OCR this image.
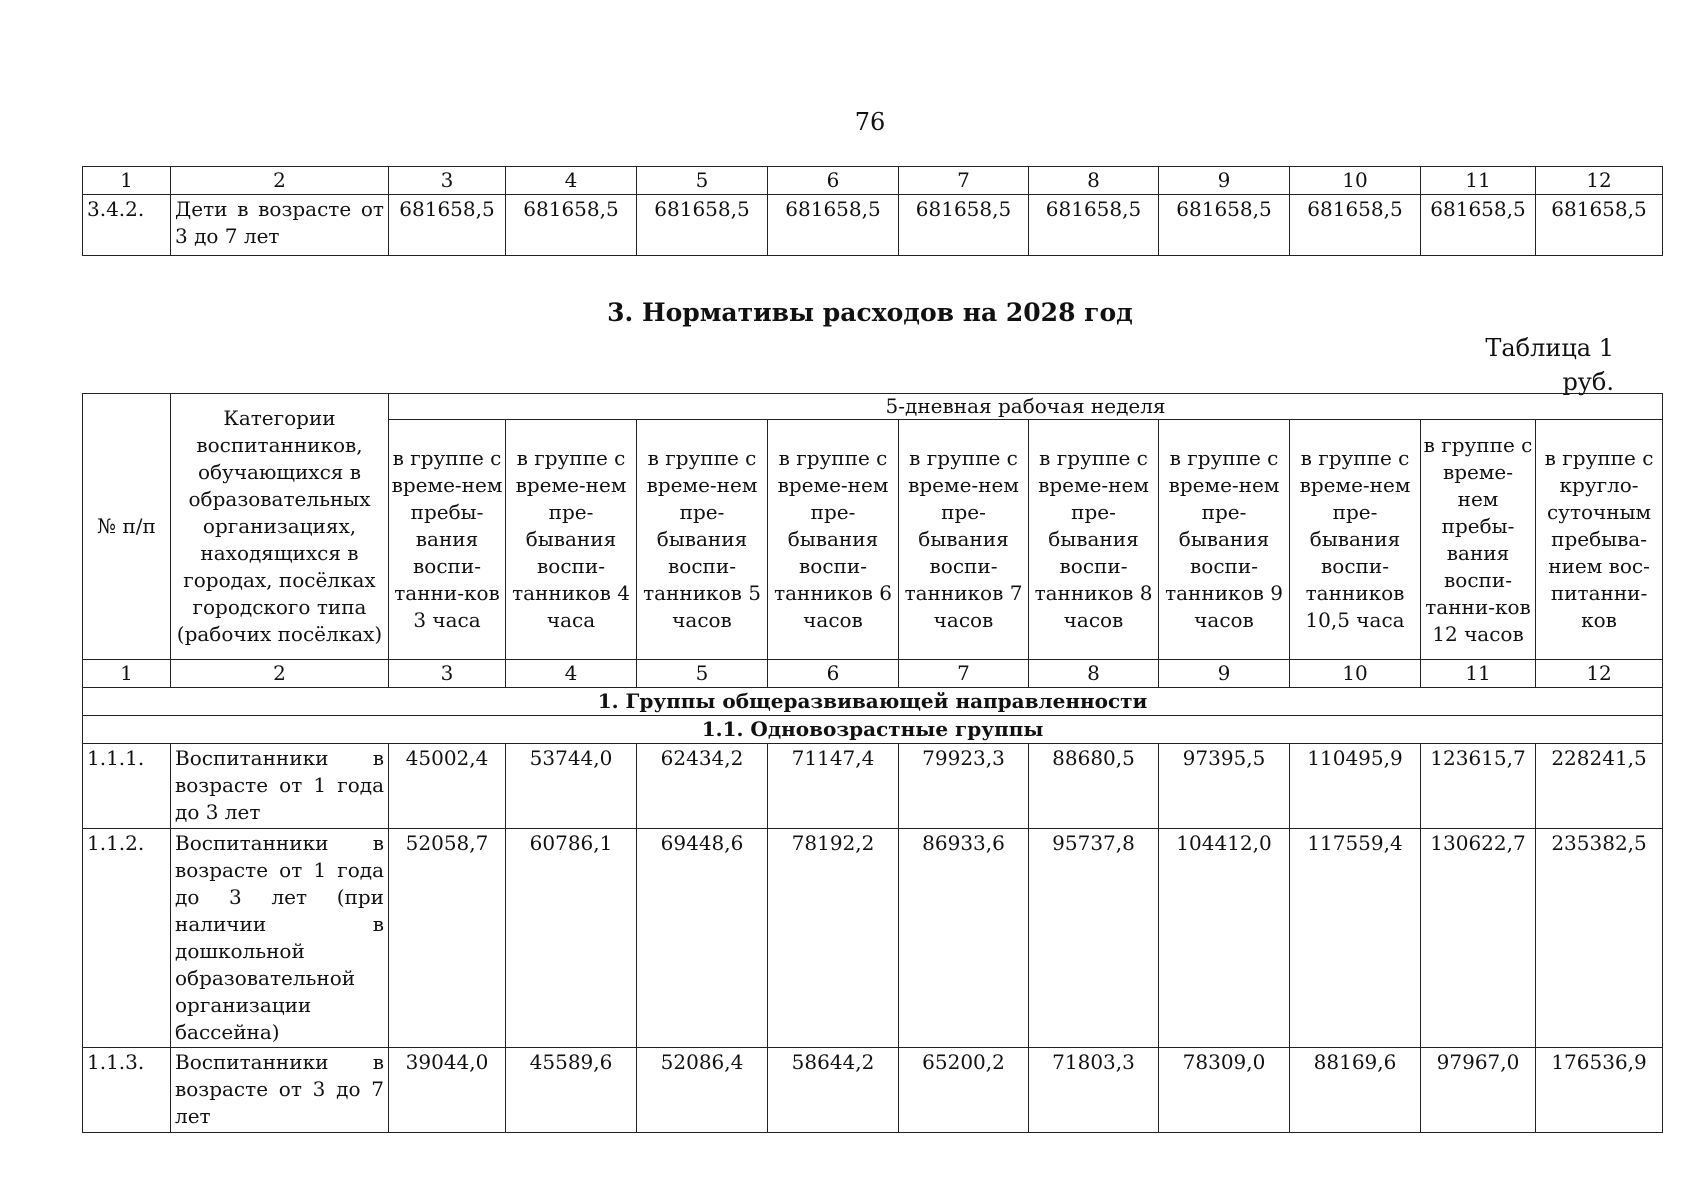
76
1	2	3	4	5	6	7	8	9	10	11	12
3.4.2.	Дети в возрасте от 3 до 7 лет	681658,5	681658,5	681658,5	681658,5	681658,5	681658,5	681658,5	681658,5	681658,5	681658,5
3. Нормативы расходов на 2028 год
Таблица 1
руб.
№ п/п	Категории воспитанников, обучающихся в образовательных организациях, находящихся в городах, посёлках городского типа (рабочих посёлках)	5-дневная рабочая неделя									
		в группе с време-нем пребы-вания воспи-танни-ков 3 часа	в группе с време-нем пре-бывания воспи-танников 4 часа	в группе с време-нем пре-бывания воспи-танников 5 часов	в группе с време-нем пре-бывания воспи-танников 6 часов	в группе с време-нем пре-бывания воспи-танников 7 часов	в группе с време-нем пре-бывания воспи-танников 8 часов	в группе с време-нем пре-бывания воспи-танников 9 часов	в группе с време-нем пре-бывания воспи-танников 10,5 часа	в группе с време-нем пребы-вания воспи-танни-ков 12 часов	в группе с кругло-суточным пребыва-нием вос-питанни-ков
1	2	3	4	5	6	7	8	9	10	11	12
1. Группы общеразвивающей направленности											
1.1. Одновозрастные группы											
1.1.1.	Воспитанники в возрасте от 1 года до 3 лет	45002,4	53744,0	62434,2	71147,4	79923,3	88680,5	97395,5	110495,9	123615,7	228241,5
1.1.2.	Воспитанники в возрасте от 1 года до 3 лет (при наличии в дошкольной образовательной организации бассейна)	52058,7	60786,1	69448,6	78192,2	86933,6	95737,8	104412,0	117559,4	130622,7	235382,5
1.1.3.	Воспитанники в возрасте от 3 до 7 лет	39044,0	45589,6	52086,4	58644,2	65200,2	71803,3	78309,0	88169,6	97967,0	176536,9
